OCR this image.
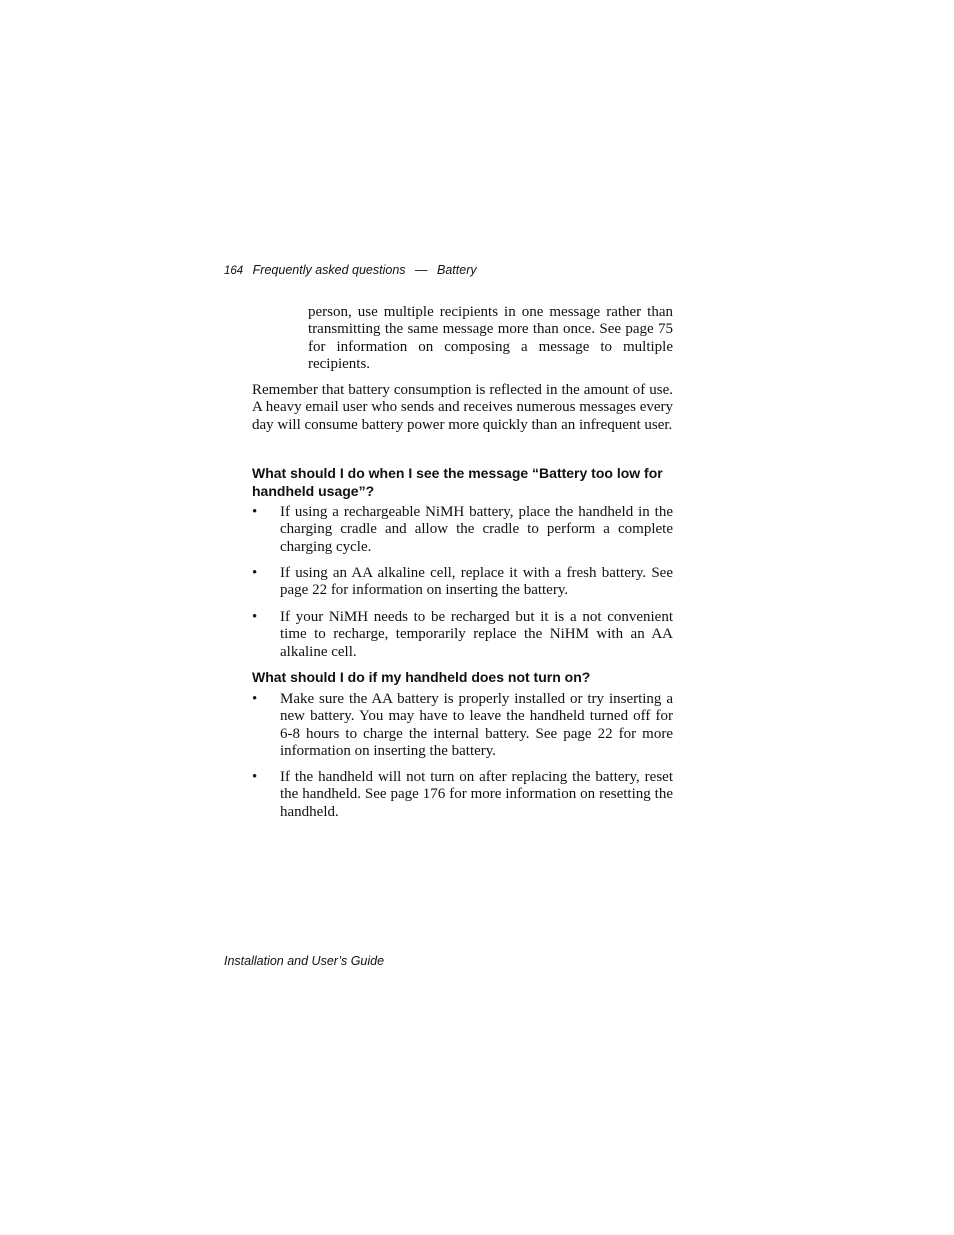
164 Frequently asked questions — Battery
person, use multiple recipients in one message rather than transmitting the same message more than once. See page 75 for information on composing a message to multiple recipients.
Remember that battery consumption is reflected in the amount of use. A heavy email user who sends and receives numerous messages every day will consume battery power more quickly than an infrequent user.
What should I do when I see the message “Battery too low for handheld usage”?
• If using a rechargeable NiMH battery, place the handheld in the charging cradle and allow the cradle to perform a complete charging cycle.
• If using an AA alkaline cell, replace it with a fresh battery. See page 22 for information on inserting the battery.
• If your NiMH needs to be recharged but it is a not convenient time to recharge, temporarily replace the NiHM with an AA alkaline cell.
What should I do if my handheld does not turn on?
• Make sure the AA battery is properly installed or try inserting a new battery. You may have to leave the handheld turned off for 6-8 hours to charge the internal battery. See page 22 for more information on inserting the battery.
• If the handheld will not turn on after replacing the battery, reset the handheld. See page 176 for more information on resetting the handheld.
Installation and User’s Guide
